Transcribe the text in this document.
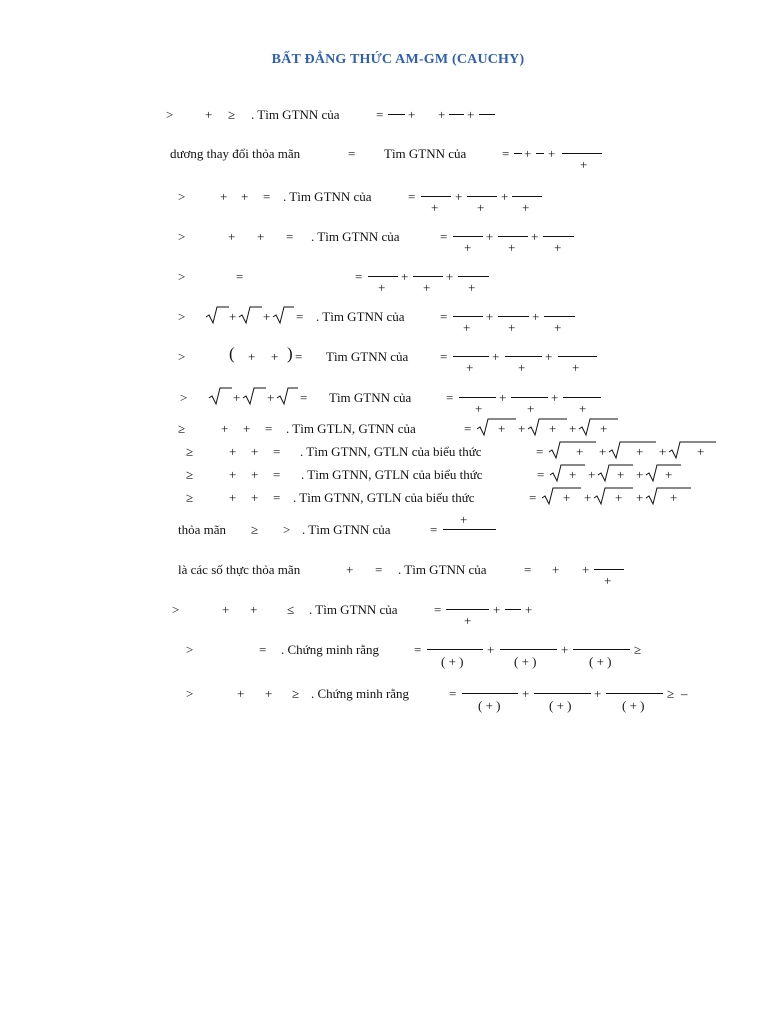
BẤT ĐẲNG THỨC AM-GM (CAUCHY)
> + ≥ . Tìm GTNN của	= + + +
dương thay đổi thỏa mãn	= Tìm GTNN của	= + +
+
>	+ + = . Tìm GTNN của	=
+
+
+
+
+
>	+ + = . Tìm GTNN của	=
+
+
+
+
+
>	=	=
+
+
+
+
+
>	+ + = . Tìm GTNN của	=
+
+
+
+
+
>	( + + ) = Tìm GTNN của =
+
+
+
+
+
>	+ + = Tìm GTNN của	=
+
+
+
+
+
≥	+ + = . Tìm GTLN, GTNN của	= + + + + +
≥	+ + = . Tìm GTNN, GTLN của biểu thức	=	+ + + + +
≥	+ + = . Tìm GTNN, GTLN của biểu thức	= + + + + +
≥	+ + = . Tìm GTNN, GTLN của biểu thức	= + + + + +
thỏa mãn ≥ > . Tìm GTNN của	=
+
là các số thực thỏa mãn	+ = . Tìm GTNN của	= + +
+
>	+ + ≤ . Tìm GTNN của	=
+
+ +
>	= . Chứng minh rằng	=
( + )
+
( + )
+
( + )
≥
>	+ + ≥ . Chứng minh rằng	=
( + )
+
( + )
+
( + )
≥ –
